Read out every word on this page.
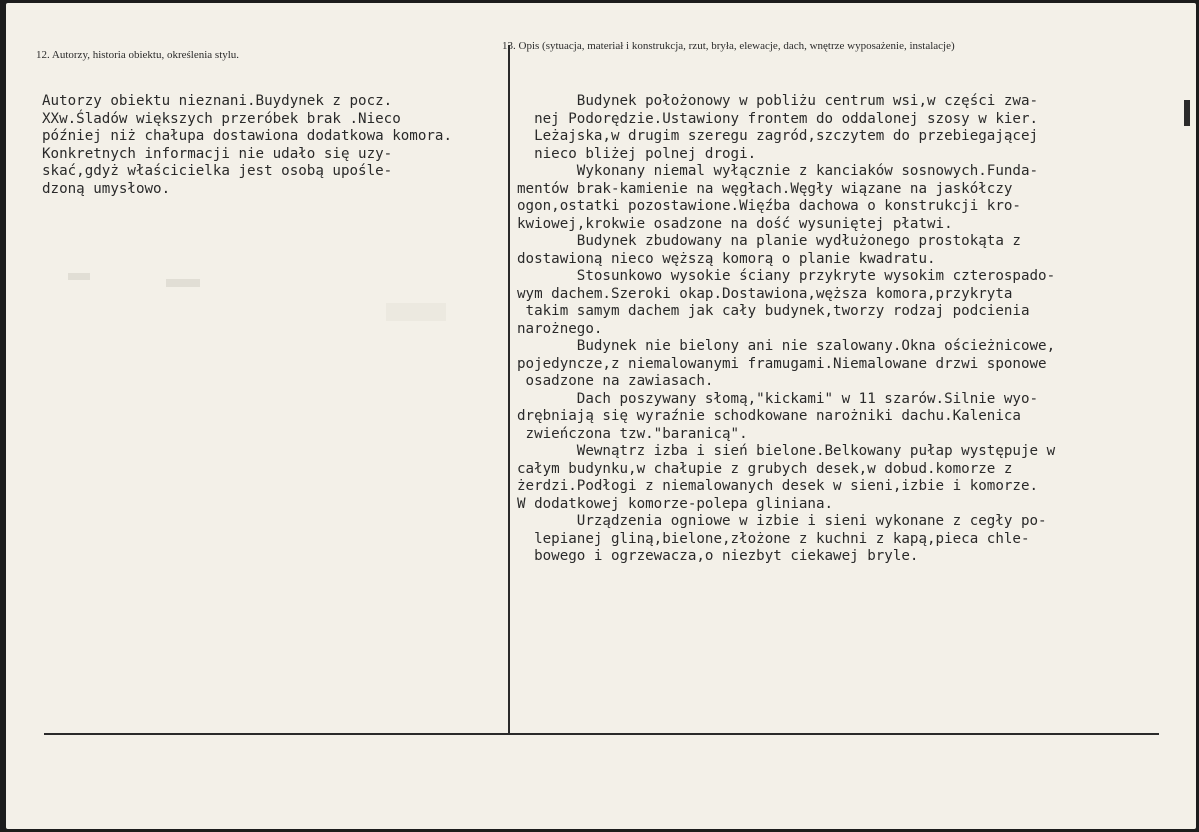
12. Autorzy, historia obiektu, określenia stylu.
13. Opis (sytuacja, materiał i konstrukcja, rzut, bryła, elewacje, dach, wnętrze wyposażenie, instalacje)
Autorzy obiektu nieznani.Buydynek z pocz.
XXw.Śladów większych przeróbek brak .Nieco
później niż chałupa dostawiona dodatkowa komora.
Konkretnych informacji nie udało się uzy-
skać,gdyż właścicielka jest osobą upośle-
dzoną umysłowo.
Budynek położonowy w pobliżu centrum wsi,w części zwa-
nej Podorędzie.Ustawiony frontem do oddalonej szosy w kier.
Leżajska,w drugim szeregu zagród,szczytem do przebiegającej
nieco bliżej polnej drogi.
Wykonany niemal wyłącznie z kanciaków sosnowych.Funda-
mentów brak-kamienie na węgłach.Węgły wiązane na jaskółczy
ogon,ostatki pozostawione.Więźba dachowa o konstrukcji kro-
kwiowej,krokwie osadzone na dość wysuniętej płatwi.
Budynek zbudowany na planie wydłużonego prostokąta z
dostawioną nieco węższą komorą o planie kwadratu.
Stosunkowo wysokie ściany przykryte wysokim czterospado-
wym dachem.Szeroki okap.Dostawiona,węższa komora,przykryta
takim samym dachem jak cały budynek,tworzy rodzaj podcienia
narożnego.
Budynek nie bielony ani nie szalowany.Okna ościeżnicowe,
pojedyncze,z niemalowanymi framugami.Niemalowane drzwi sponowe
osadzone na zawiasach.
Dach poszywany słomą,"kickami" w 11 szarów.Silnie wyo-
drębniają się wyraźnie schodkowane narożniki dachu.Kalenica
zwieńczona tzw."baranicą".
Wewnątrz izba i sień bielone.Belkowany pułap występuje w
całym budynku,w chałupie z grubych desek,w dobud.komorze z
żerdzi.Podłogi z niemalowanych desek w sieni,izbie i komorze.
W dodatkowej komorze-polepa gliniana.
Urządzenia ogniowe w izbie i sieni wykonane z cegły po-
lepianej gliną,bielone,złożone z kuchni z kapą,pieca chle-
bowego i ogrzewacza,o niezbyt ciekawej bryle.
